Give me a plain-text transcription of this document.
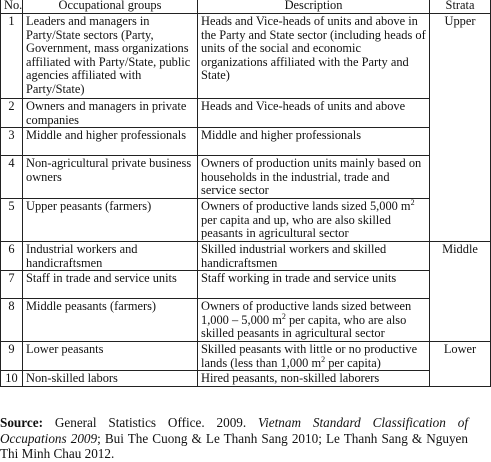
No.	Occupational groups	Description	Strata
1	Leaders and managers in Party/State sectors (Party, Government, mass organizations affiliated with Party/State, public agencies affiliated with Party/State)	Heads and Vice-heads of units and above in the Party and State sector (including heads of units of the social and economic organizations affiliated with the Party and State)	Upper
2	Owners and managers in private companies	Heads and Vice-heads of units and above	
3	Middle and higher professionals	Middle and higher professionals	
4	Non-agricultural private business owners	Owners of production units mainly based on households in the industrial, trade and service sector	
5	Upper peasants (farmers)	Owners of productive lands sized 5,000 $m^2$ per capita and up, who are also skilled peasants in agricultural sector	
6	Industrial workers and handicraftsmen	Skilled industrial workers and skilled handicraftsmen	Middle
7	Staff in trade and service units	Staff working in trade and service units	
8	Middle peasants (farmers)	Owners of productive lands sized between 1,000 – 5,000 $m^2$ per capita, who are also skilled peasants in agricultural sector	
9	Lower peasants	Skilled peasants with little or no productive lands (less than 1,000 $m^2$ per capita)	Lower
10	Non-skilled labors	Hired peasants, non-skilled laborers	

Source: General Statistics Office. 2009. Vietnam Standard Classification of Occupations 2009; Bui The Cuong & Le Thanh Sang 2010; Le Thanh Sang & Nguyen Thi Minh Chau 2012.
